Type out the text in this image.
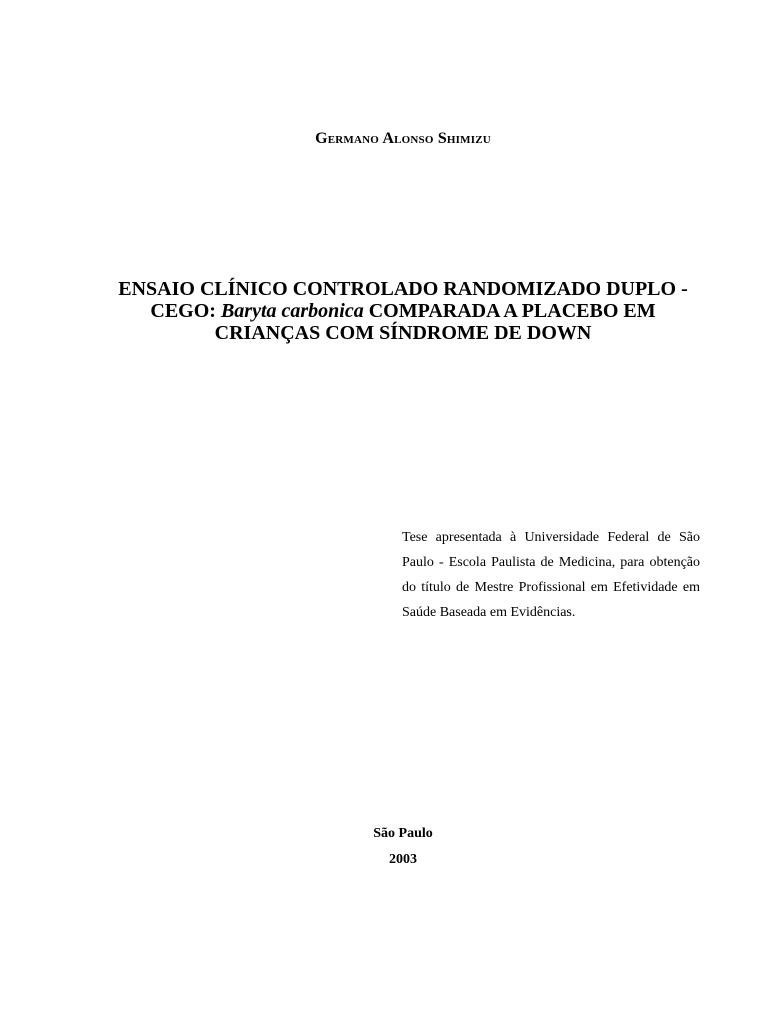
Germano Alonso Shimizu
ENSAIO CLÍNICO CONTROLADO RANDOMIZADO DUPLO - CEGO: Baryta carbonica COMPARADA A PLACEBO EM CRIANÇAS COM SÍNDROME DE DOWN
Tese apresentada à Universidade Federal de São Paulo - Escola Paulista de Medicina, para obtenção do título de Mestre Profissional em Efetividade em Saúde Baseada em Evidências.
São Paulo
2003
